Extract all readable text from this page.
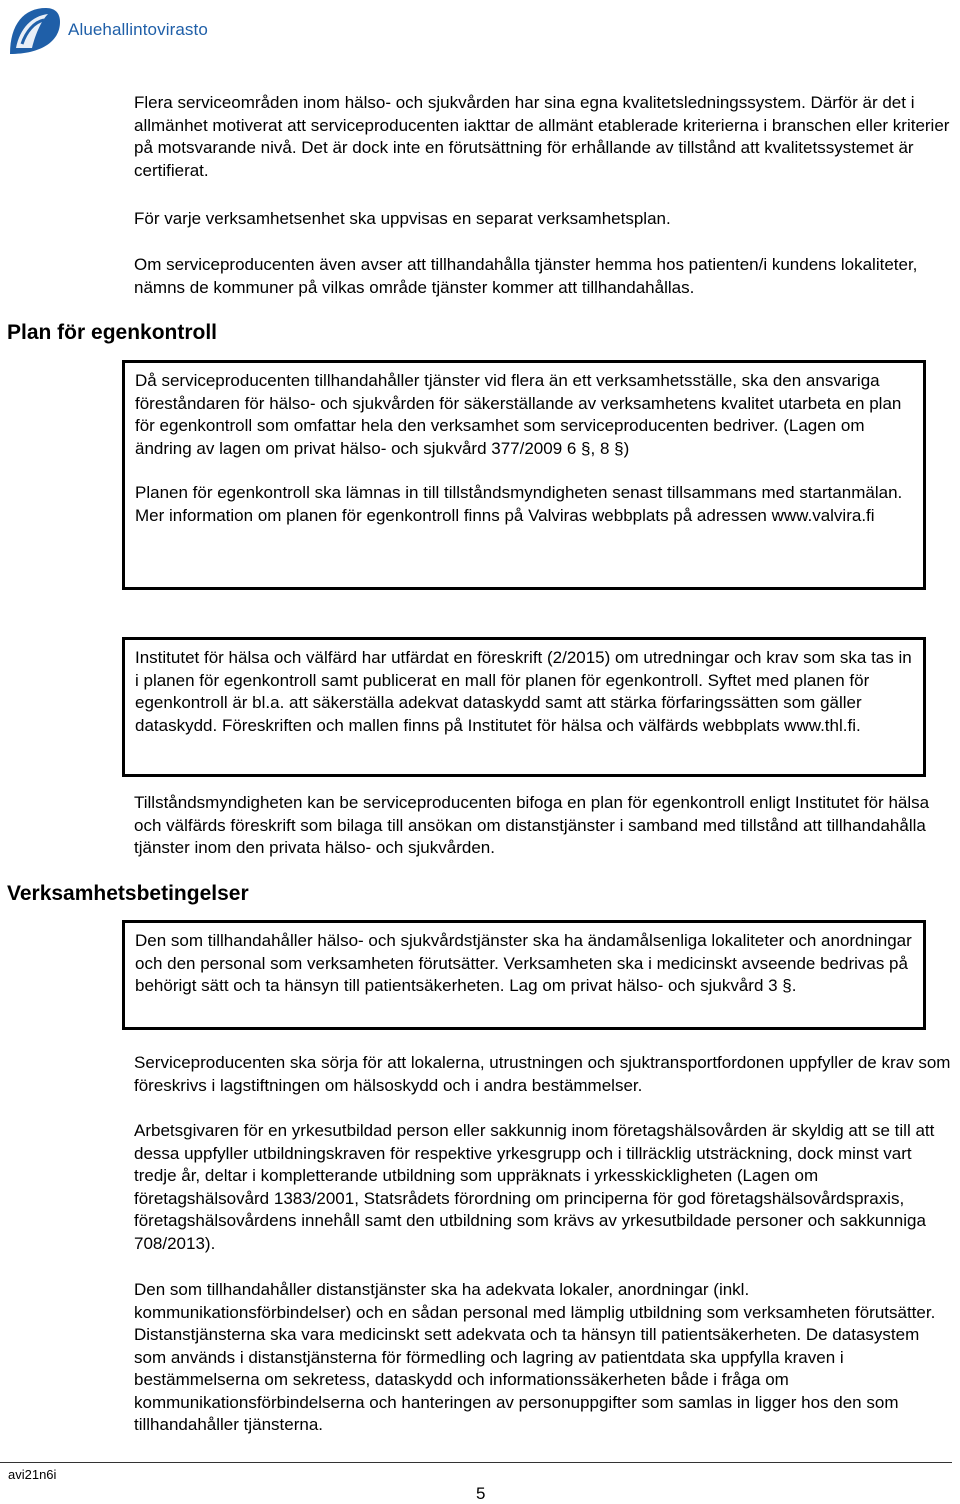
Aluehallintovirasto

Flera serviceområden inom hälso- och sjukvården har sina egna kvalitetsledningssystem. Därför är det i allmänhet motiverat att serviceproducenten iakttar de allmänt etablerade kriterierna i branschen eller kriterier på motsvarande nivå. Det är dock inte en förutsättning för erhållande av tillstånd att kvalitetssystemet är certifierat.

För varje verksamhetsenhet ska uppvisas en separat verksamhetsplan.

Om serviceproducenten även avser att tillhandahålla tjänster hemma hos patienten/i kundens lokaliteter, nämns de kommuner på vilkas område tjänster kommer att tillhandahållas.

Plan för egenkontroll

Då serviceproducenten tillhandahåller tjänster vid flera än ett verksamhetsställe, ska den ansvariga föreståndaren för hälso- och sjukvården för säkerställande av verksamhetens kvalitet utarbeta en plan för egenkontroll som omfattar hela den verksamhet som serviceproducenten bedriver. (Lagen om ändring av lagen om privat hälso- och sjukvård 377/2009 6 §, 8 §)

Planen för egenkontroll ska lämnas in till tillståndsmyndigheten senast tillsammans med startanmälan. Mer information om planen för egenkontroll finns på Valviras webbplats på adressen www.valvira.fi

Institutet för hälsa och välfärd har utfärdat en föreskrift (2/2015) om utredningar och krav som ska tas in i planen för egenkontroll samt publicerat en mall för planen för egenkontroll. Syftet med planen för egenkontroll är bl.a. att säkerställa adekvat dataskydd samt att stärka förfaringssätten som gäller dataskydd. Föreskriften och mallen finns på Institutet för hälsa och välfärds webbplats www.thl.fi.

Tillståndsmyndigheten kan be serviceproducenten bifoga en plan för egenkontroll enligt Institutet för hälsa och välfärds föreskrift som bilaga till ansökan om distanstjänster i samband med tillstånd att tillhandahålla tjänster inom den privata hälso- och sjukvården.

Verksamhetsbetingelser

Den som tillhandahåller hälso- och sjukvårdstjänster ska ha ändamålsenliga lokaliteter och anordningar och den personal som verksamheten förutsätter. Verksamheten ska i medicinskt avseende bedrivas på behörigt sätt och ta hänsyn till patientsäkerheten. Lag om privat hälso- och sjukvård 3 §.

Serviceproducenten ska sörja för att lokalerna, utrustningen och sjuktransportfordonen uppfyller de krav som föreskrivs i lagstiftningen om hälsoskydd och i andra bestämmelser.

Arbetsgivaren för en yrkesutbildad person eller sakkunnig inom företagshälsovården är skyldig att se till att dessa uppfyller utbildningskraven för respektive yrkesgrupp och i tillräcklig utsträckning, dock minst vart tredje år, deltar i kompletterande utbildning som uppräknats i yrkesskickligheten (Lagen om företagshälsovård 1383/2001, Statsrådets förordning om principerna för god företagshälsovårdspraxis, företagshälsovårdens innehåll samt den utbildning som krävs av yrkesutbildade personer och sakkunniga 708/2013).

Den som tillhandahåller distanstjänster ska ha adekvata lokaler, anordningar (inkl. kommunikationsförbindelser) och en sådan personal med lämplig utbildning som verksamheten förutsätter. Distanstjänsterna ska vara medicinskt sett adekvata och ta hänsyn till patientsäkerheten. De datasystem som används i distanstjänsterna för förmedling och lagring av patientdata ska uppfylla kraven i bestämmelserna om sekretess, dataskydd och informationssäkerheten både i fråga om kommunikationsförbindelserna och hanteringen av personuppgifter som samlas in ligger hos den som tillhandahåller tjänsterna.

avi21n6i
5
